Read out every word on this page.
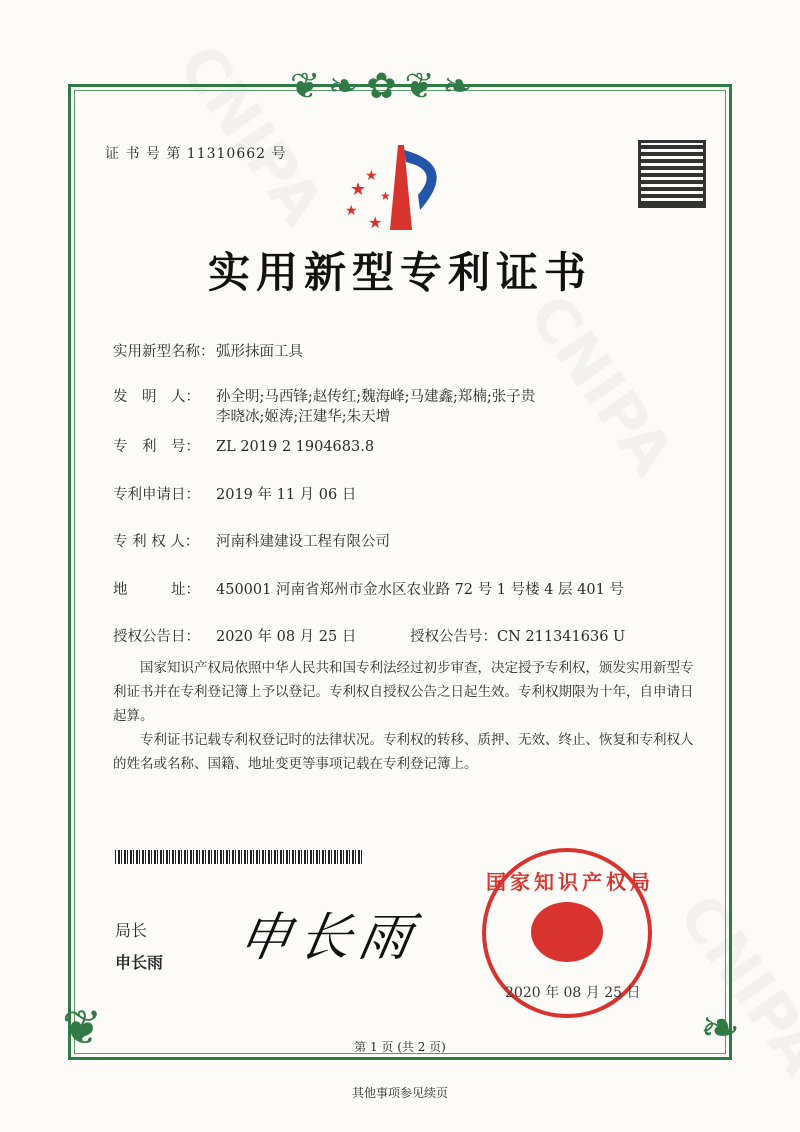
❦❧✿❦❧
❦	❧
证 书 号 第 11310662 号
★
★
★
★
★
实用新型专利证书
实用新型名称： 弧形抹面工具
发　明　人： 孙全明;马西锋;赵传红;魏海峰;马建鑫;郑楠;张子贵
李晓冰;姬涛;汪建华;朱天增
专　利　号： ZL 2019 2 1904683.8
专利申请日： 2019 年 11 月 06 日
专 利 权 人： 河南科建建设工程有限公司
地　　　址： 450001 河南省郑州市金水区农业路 72 号 1 号楼 4 层 401 号
授权公告日： 2020 年 08 月 25 日	授权公告号：CN 211341636 U
国家知识产权局依照中华人民共和国专利法经过初步审查，决定授予专利权，颁发实用新型专利证书并在专利登记簿上予以登记。专利权自授权公告之日起生效。专利权期限为十年，自申请日起算。
专利证书记载专利权登记时的法律状况。专利权的转移、质押、无效、终止、恢复和专利权人的姓名或名称、国籍、地址变更等事项记载在专利登记簿上。
局长
申长雨 申长雨
国家知识产权局
2020 年 08 月 25 日
第 1 页 (共 2 页)
其他事项参见续页
